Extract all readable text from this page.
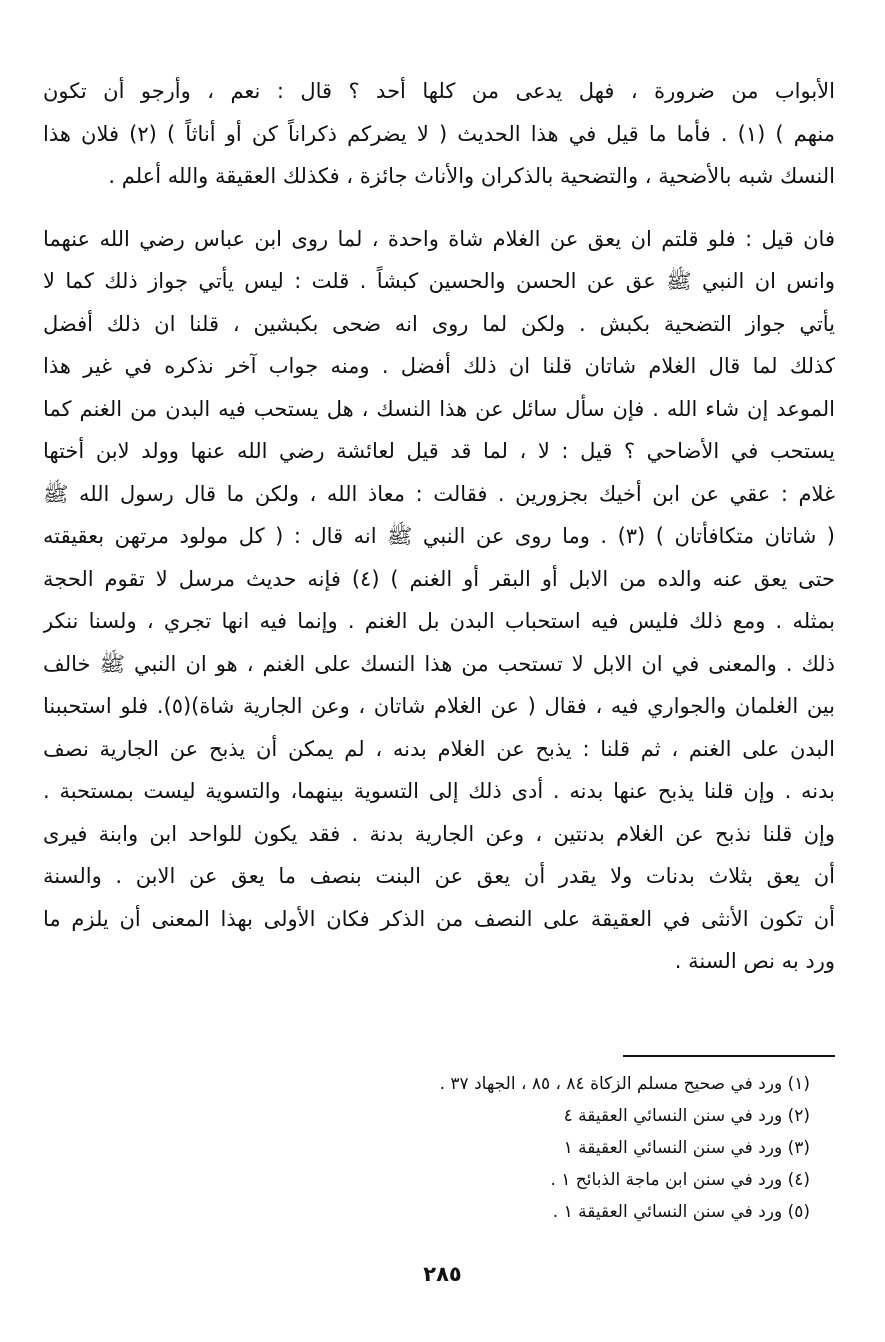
الأبواب من ضرورة ، فهل يدعى من كلها أحد ؟ قال : نعم ، وأرجو أن تكون
منهم ) (١) . فأما ما قيل في هذا الحديث ( لا يضركم ذكراناً كن أو أناثاً ) (٢) فلان هذا
النسك شبه بالأضحية ، والتضحية بالذكران والأناث جائزة ، فكذلك العقيقة والله أعلم .
فان قيل : فلو قلتم ان يعق عن الغلام شاة واحدة ، لما روى ابن عباس رضي الله عنهما
وانس ان النبي ﷺ عق عن الحسن والحسين كبشاً . قلت : ليس يأتي جواز ذلك كما لا
يأتي جواز التضحية بكبش . ولكن لما روى انه ضحى بكبشين ، قلنا ان ذلك أفضل
كذلك لما قال الغلام شاتان قلنا ان ذلك أفضل . ومنه جواب آخر نذكره في غير هذا
الموعد إن شاء الله . فإن سأل سائل عن هذا النسك ، هل يستحب فيه البدن من الغنم كما
يستحب في الأضاحي ؟ قيل : لا ، لما قد قيل لعائشة رضي الله عنها وولد لابن أختها
غلام : عقي عن ابن أخيك بجزورين . فقالت : معاذ الله ، ولكن ما قال رسول الله ﷺ
( شاتان متكافأتان ) (٣) . وما روى عن النبي ﷺ انه قال : ( كل مولود مرتهن بعقيقته
حتى يعق عنه والده من الابل أو البقر أو الغنم ) (٤) فإنه حديث مرسل لا تقوم الحجة
بمثله . ومع ذلك فليس فيه استحباب البدن بل الغنم . وإنما فيه انها تجري ، ولسنا ننكر
ذلك . والمعنى في ان الابل لا تستحب من هذا النسك على الغنم ، هو ان النبي ﷺ خالف
بين الغلمان والجواري فيه ، فقال ( عن الغلام شاتان ، وعن الجارية شاة)(٥). فلو استحببنا
البدن على الغنم ، ثم قلنا : يذبح عن الغلام بدنه ، لم يمكن أن يذبح عن الجارية نصف
بدنه . وإن قلنا يذبح عنها بدنه . أدى ذلك إلى التسوية بينهما، والتسوية ليست بمستحبة .
وإن قلنا نذبح عن الغلام بدنتين ، وعن الجارية بدنة . فقد يكون للواحد ابن وابنة فيرى
أن يعق بثلاث بدنات ولا يقدر أن يعق عن البنت بنصف ما يعق عن الابن . والسنة
أن تكون الأنثى في العقيقة على النصف من الذكر فكان الأولى بهذا المعنى أن يلزم ما
ورد به نص السنة .
(١) ورد في صحيح مسلم الزكاة ٨٤ ، ٨٥ ، الجهاد ٣٧ .
(٢) ورد في سنن النسائي العقيقة ٤
(٣) ورد في سنن النسائي العقيقة ١
(٤) ورد في سنن ابن ماجة الذبائح ١ .
(٥) ورد في سنن النسائي العقيقة ١ .
٢٨٥
